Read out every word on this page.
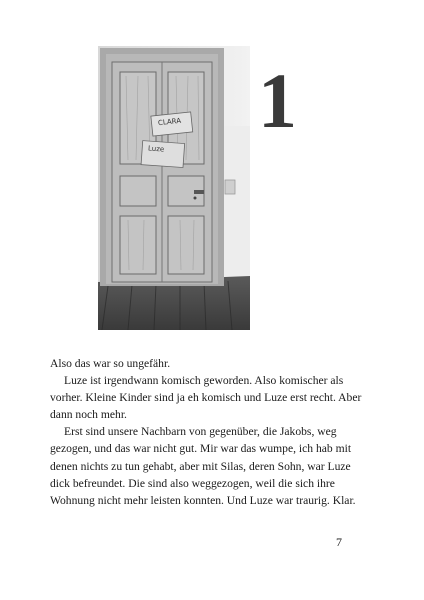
CLARA
Luze
1

Also das war so ungefähr.

Luze ist irgendwann komisch geworden. Also komischer als vorher. Kleine Kinder sind ja eh komisch und Luze erst recht. Aber dann noch mehr.

Erst sind unsere Nachbarn von gegenüber, die Jakobs, weg gezogen, und das war nicht gut. Mir war das wumpe, ich hab mit denen nichts zu tun gehabt, aber mit Silas, deren Sohn, war Luze dick befreundet. Die sind also weggezogen, weil die sich ihre Wohnung nicht mehr leisten konnten. Und Luze war traurig. Klar.

7
